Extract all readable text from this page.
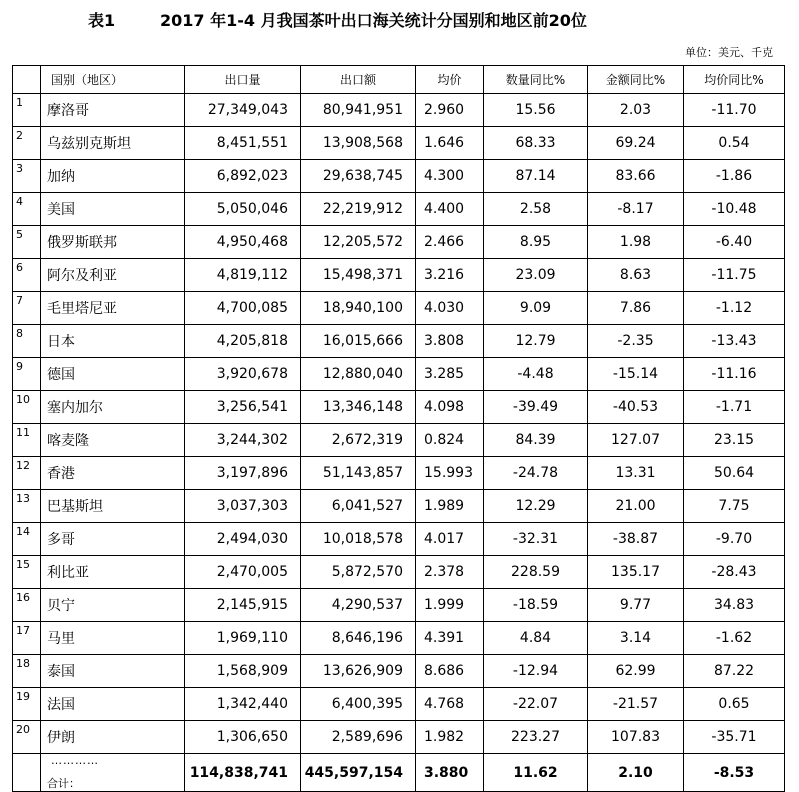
表1	2017 年1-4 月我国茶叶出口海关统计分国别和地区前20位
单位：美元、千克
	国别（地区）	出口量	出口额	均价	数量同比%	金额同比%	均价同比%
1	摩洛哥	27,349,043	80,941,951	2.960	15.56	2.03	-11.70
2	乌兹别克斯坦	8,451,551	13,908,568	1.646	68.33	69.24	0.54
3	加纳	6,892,023	29,638,745	4.300	87.14	83.66	-1.86
4	美国	5,050,046	22,219,912	4.400	2.58	-8.17	-10.48
5	俄罗斯联邦	4,950,468	12,205,572	2.466	8.95	1.98	-6.40
6	阿尔及利亚	4,819,112	15,498,371	3.216	23.09	8.63	-11.75
7	毛里塔尼亚	4,700,085	18,940,100	4.030	9.09	7.86	-1.12
8	日本	4,205,818	16,015,666	3.808	12.79	-2.35	-13.43
9	德国	3,920,678	12,880,040	3.285	-4.48	-15.14	-11.16
10	塞内加尔	3,256,541	13,346,148	4.098	-39.49	-40.53	-1.71
11	喀麦隆	3,244,302	2,672,319	0.824	84.39	127.07	23.15
12	香港	3,197,896	51,143,857	15.993	-24.78	13.31	50.64
13	巴基斯坦	3,037,303	6,041,527	1.989	12.29	21.00	7.75
14	多哥	2,494,030	10,018,578	4.017	-32.31	-38.87	-9.70
15	利比亚	2,470,005	5,872,570	2.378	228.59	135.17	-28.43
16	贝宁	2,145,915	4,290,537	1.999	-18.59	9.77	34.83
17	马里	1,969,110	8,646,196	4.391	4.84	3.14	-1.62
18	泰国	1,568,909	13,626,909	8.686	-12.94	62.99	87.22
19	法国	1,342,440	6,400,395	4.768	-22.07	-21.57	0.65
20	伊朗	1,306,650	2,589,696	1.982	223.27	107.83	-35.71

	…………
合计：	114,838,741	445,597,154	3.880	11.62	2.10	-8.53
